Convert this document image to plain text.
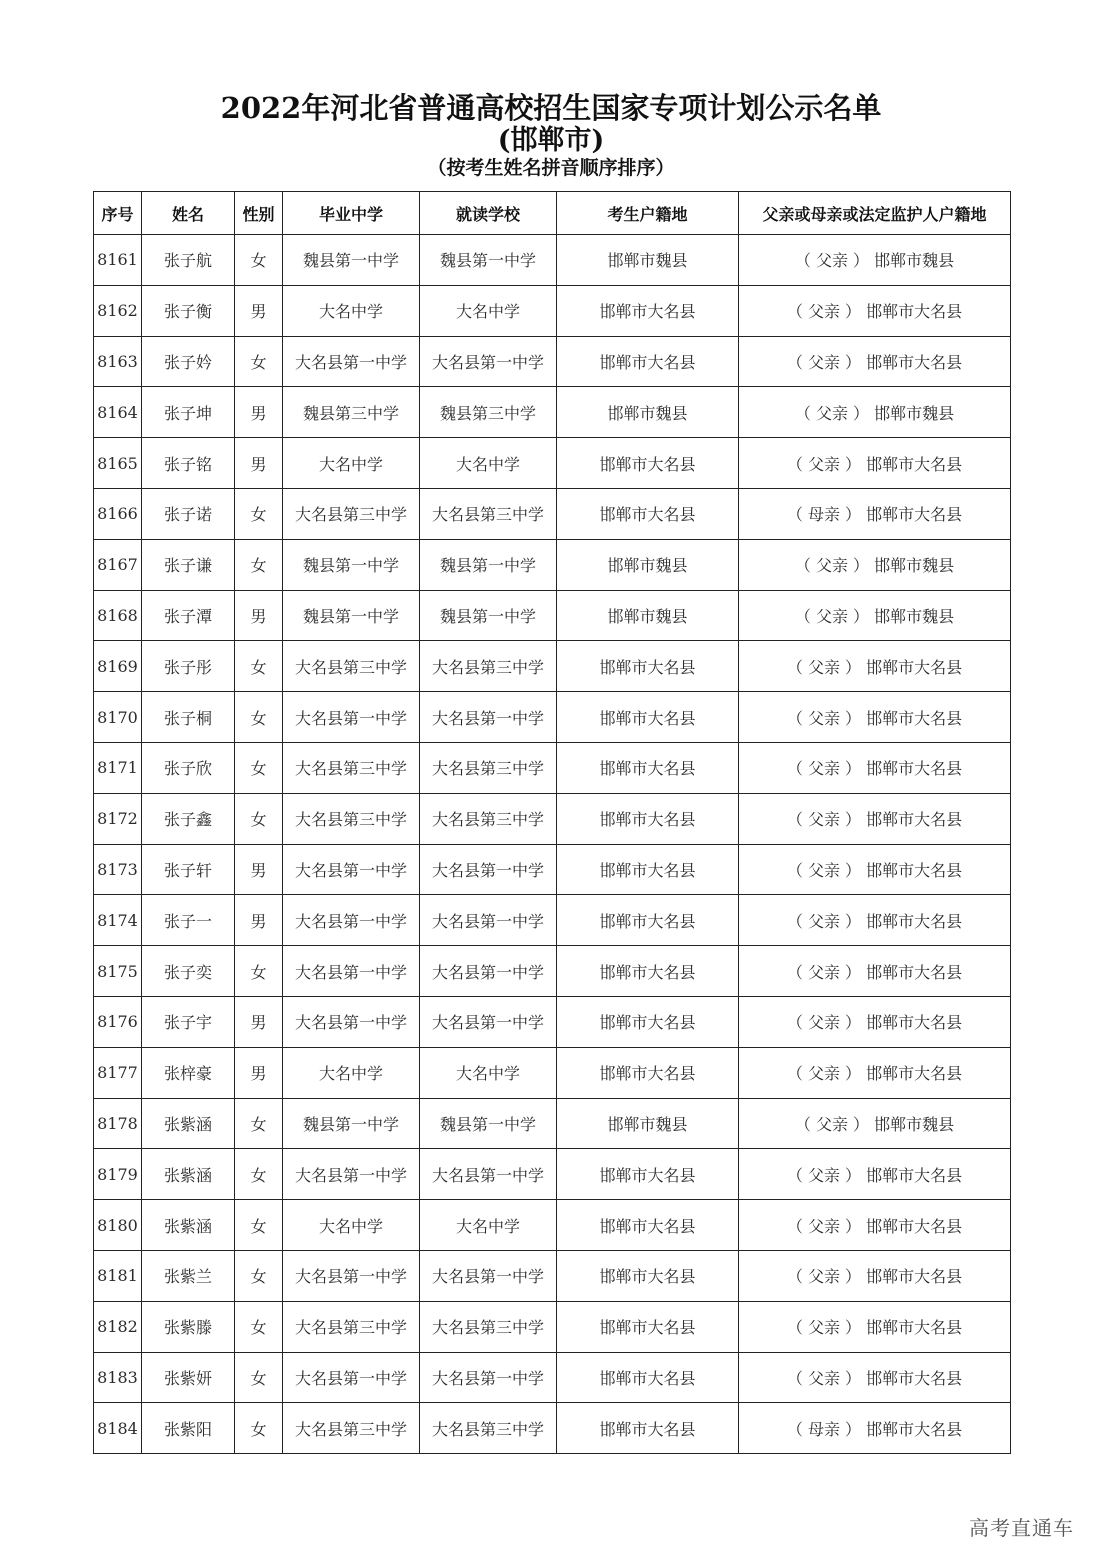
2022年河北省普通高校招生国家专项计划公示名单
(邯郸市)
（按考生姓名拼音顺序排序）
序号	姓名	性别	毕业中学	就读学校	考生户籍地	父亲或母亲或法定监护人户籍地
8161	张子航	女	魏县第一中学	魏县第一中学	邯郸市魏县	（ 父亲 ） 邯郸市魏县
8162	张子衡	男	大名中学	大名中学	邯郸市大名县	（ 父亲 ） 邯郸市大名县
8163	张子妗	女	大名县第一中学	大名县第一中学	邯郸市大名县	（ 父亲 ） 邯郸市大名县
8164	张子坤	男	魏县第三中学	魏县第三中学	邯郸市魏县	（ 父亲 ） 邯郸市魏县
8165	张子铭	男	大名中学	大名中学	邯郸市大名县	（ 父亲 ） 邯郸市大名县
8166	张子诺	女	大名县第三中学	大名县第三中学	邯郸市大名县	（ 母亲 ） 邯郸市大名县
8167	张子谦	女	魏县第一中学	魏县第一中学	邯郸市魏县	（ 父亲 ） 邯郸市魏县
8168	张子潭	男	魏县第一中学	魏县第一中学	邯郸市魏县	（ 父亲 ） 邯郸市魏县
8169	张子彤	女	大名县第三中学	大名县第三中学	邯郸市大名县	（ 父亲 ） 邯郸市大名县
8170	张子桐	女	大名县第一中学	大名县第一中学	邯郸市大名县	（ 父亲 ） 邯郸市大名县
8171	张子欣	女	大名县第三中学	大名县第三中学	邯郸市大名县	（ 父亲 ） 邯郸市大名县
8172	张子鑫	女	大名县第三中学	大名县第三中学	邯郸市大名县	（ 父亲 ） 邯郸市大名县
8173	张子轩	男	大名县第一中学	大名县第一中学	邯郸市大名县	（ 父亲 ） 邯郸市大名县
8174	张子一	男	大名县第一中学	大名县第一中学	邯郸市大名县	（ 父亲 ） 邯郸市大名县
8175	张子奕	女	大名县第一中学	大名县第一中学	邯郸市大名县	（ 父亲 ） 邯郸市大名县
8176	张子宇	男	大名县第一中学	大名县第一中学	邯郸市大名县	（ 父亲 ） 邯郸市大名县
8177	张梓豪	男	大名中学	大名中学	邯郸市大名县	（ 父亲 ） 邯郸市大名县
8178	张紫涵	女	魏县第一中学	魏县第一中学	邯郸市魏县	（ 父亲 ） 邯郸市魏县
8179	张紫涵	女	大名县第一中学	大名县第一中学	邯郸市大名县	（ 父亲 ） 邯郸市大名县
8180	张紫涵	女	大名中学	大名中学	邯郸市大名县	（ 父亲 ） 邯郸市大名县
8181	张紫兰	女	大名县第一中学	大名县第一中学	邯郸市大名县	（ 父亲 ） 邯郸市大名县
8182	张紫滕	女	大名县第三中学	大名县第三中学	邯郸市大名县	（ 父亲 ） 邯郸市大名县
8183	张紫妍	女	大名县第一中学	大名县第一中学	邯郸市大名县	（ 父亲 ） 邯郸市大名县
8184	张紫阳	女	大名县第三中学	大名县第三中学	邯郸市大名县	（ 母亲 ） 邯郸市大名县
高考直通车
